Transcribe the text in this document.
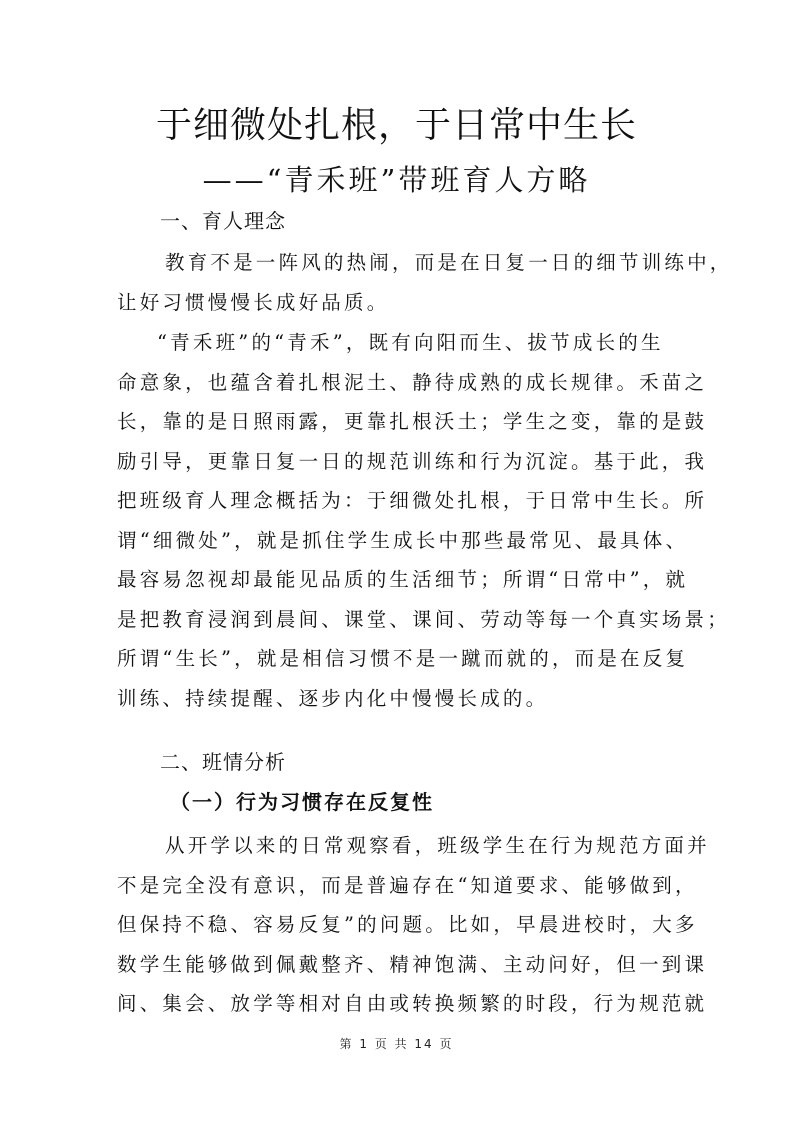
于细微处扎根，于日常中生长
——“青禾班”带班育人方略
一、育人理念
教育不是一阵风的热闹，而是在日复一日的细节训练中，
让好习惯慢慢长成好品质。
“青禾班”的“青禾”，既有向阳而生、拔节成长的生
命意象，也蕴含着扎根泥土、静待成熟的成长规律。禾苗之
长，靠的是日照雨露，更靠扎根沃土；学生之变，靠的是鼓
励引导，更靠日复一日的规范训练和行为沉淀。基于此，我
把班级育人理念概括为：于细微处扎根，于日常中生长。所
谓“细微处”，就是抓住学生成长中那些最常见、最具体、
最容易忽视却最能见品质的生活细节；所谓“日常中”，就
是把教育浸润到晨间、课堂、课间、劳动等每一个真实场景；
所谓“生长”，就是相信习惯不是一蹴而就的，而是在反复
训练、持续提醒、逐步内化中慢慢长成的。
二、班情分析
（一）行为习惯存在反复性
从开学以来的日常观察看，班级学生在行为规范方面并
不是完全没有意识，而是普遍存在“知道要求、能够做到，
但保持不稳、容易反复”的问题。比如，早晨进校时，大多
数学生能够做到佩戴整齐、精神饱满、主动问好，但一到课
间、集会、放学等相对自由或转换频繁的时段，行为规范就
第 1 页 共 14 页
